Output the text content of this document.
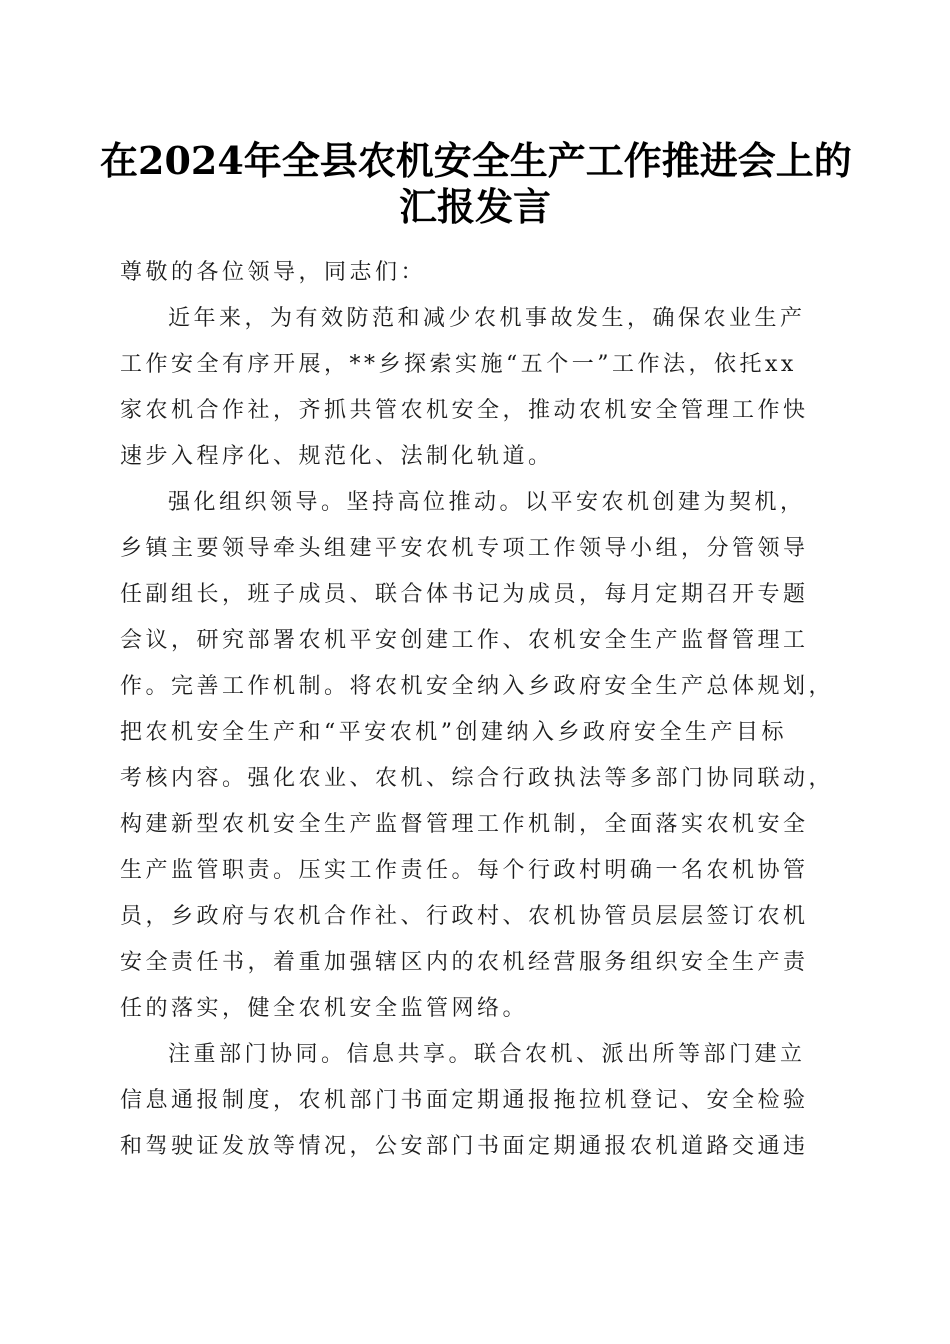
在2024年全县农机安全生产工作推进会上的
汇报发言
尊敬的各位领导，同志们：
近年来，为有效防范和减少农机事故发生，确保农业生产
工作安全有序开展，**乡探索实施“五个一”工作法，依托xx
家农机合作社，齐抓共管农机安全，推动农机安全管理工作快
速步入程序化、规范化、法制化轨道。
强化组织领导。坚持高位推动。以平安农机创建为契机，
乡镇主要领导牵头组建平安农机专项工作领导小组，分管领导
任副组长，班子成员、联合体书记为成员，每月定期召开专题
会议，研究部署农机平安创建工作、农机安全生产监督管理工
作。完善工作机制。将农机安全纳入乡政府安全生产总体规划，
把农机安全生产和“平安农机”创建纳入乡政府安全生产目标
考核内容。强化农业、农机、综合行政执法等多部门协同联动，
构建新型农机安全生产监督管理工作机制，全面落实农机安全
生产监管职责。压实工作责任。每个行政村明确一名农机协管
员，乡政府与农机合作社、行政村、农机协管员层层签订农机
安全责任书，着重加强辖区内的农机经营服务组织安全生产责
任的落实，健全农机安全监管网络。
注重部门协同。信息共享。联合农机、派出所等部门建立
信息通报制度，农机部门书面定期通报拖拉机登记、安全检验
和驾驶证发放等情况，公安部门书面定期通报农机道路交通违
